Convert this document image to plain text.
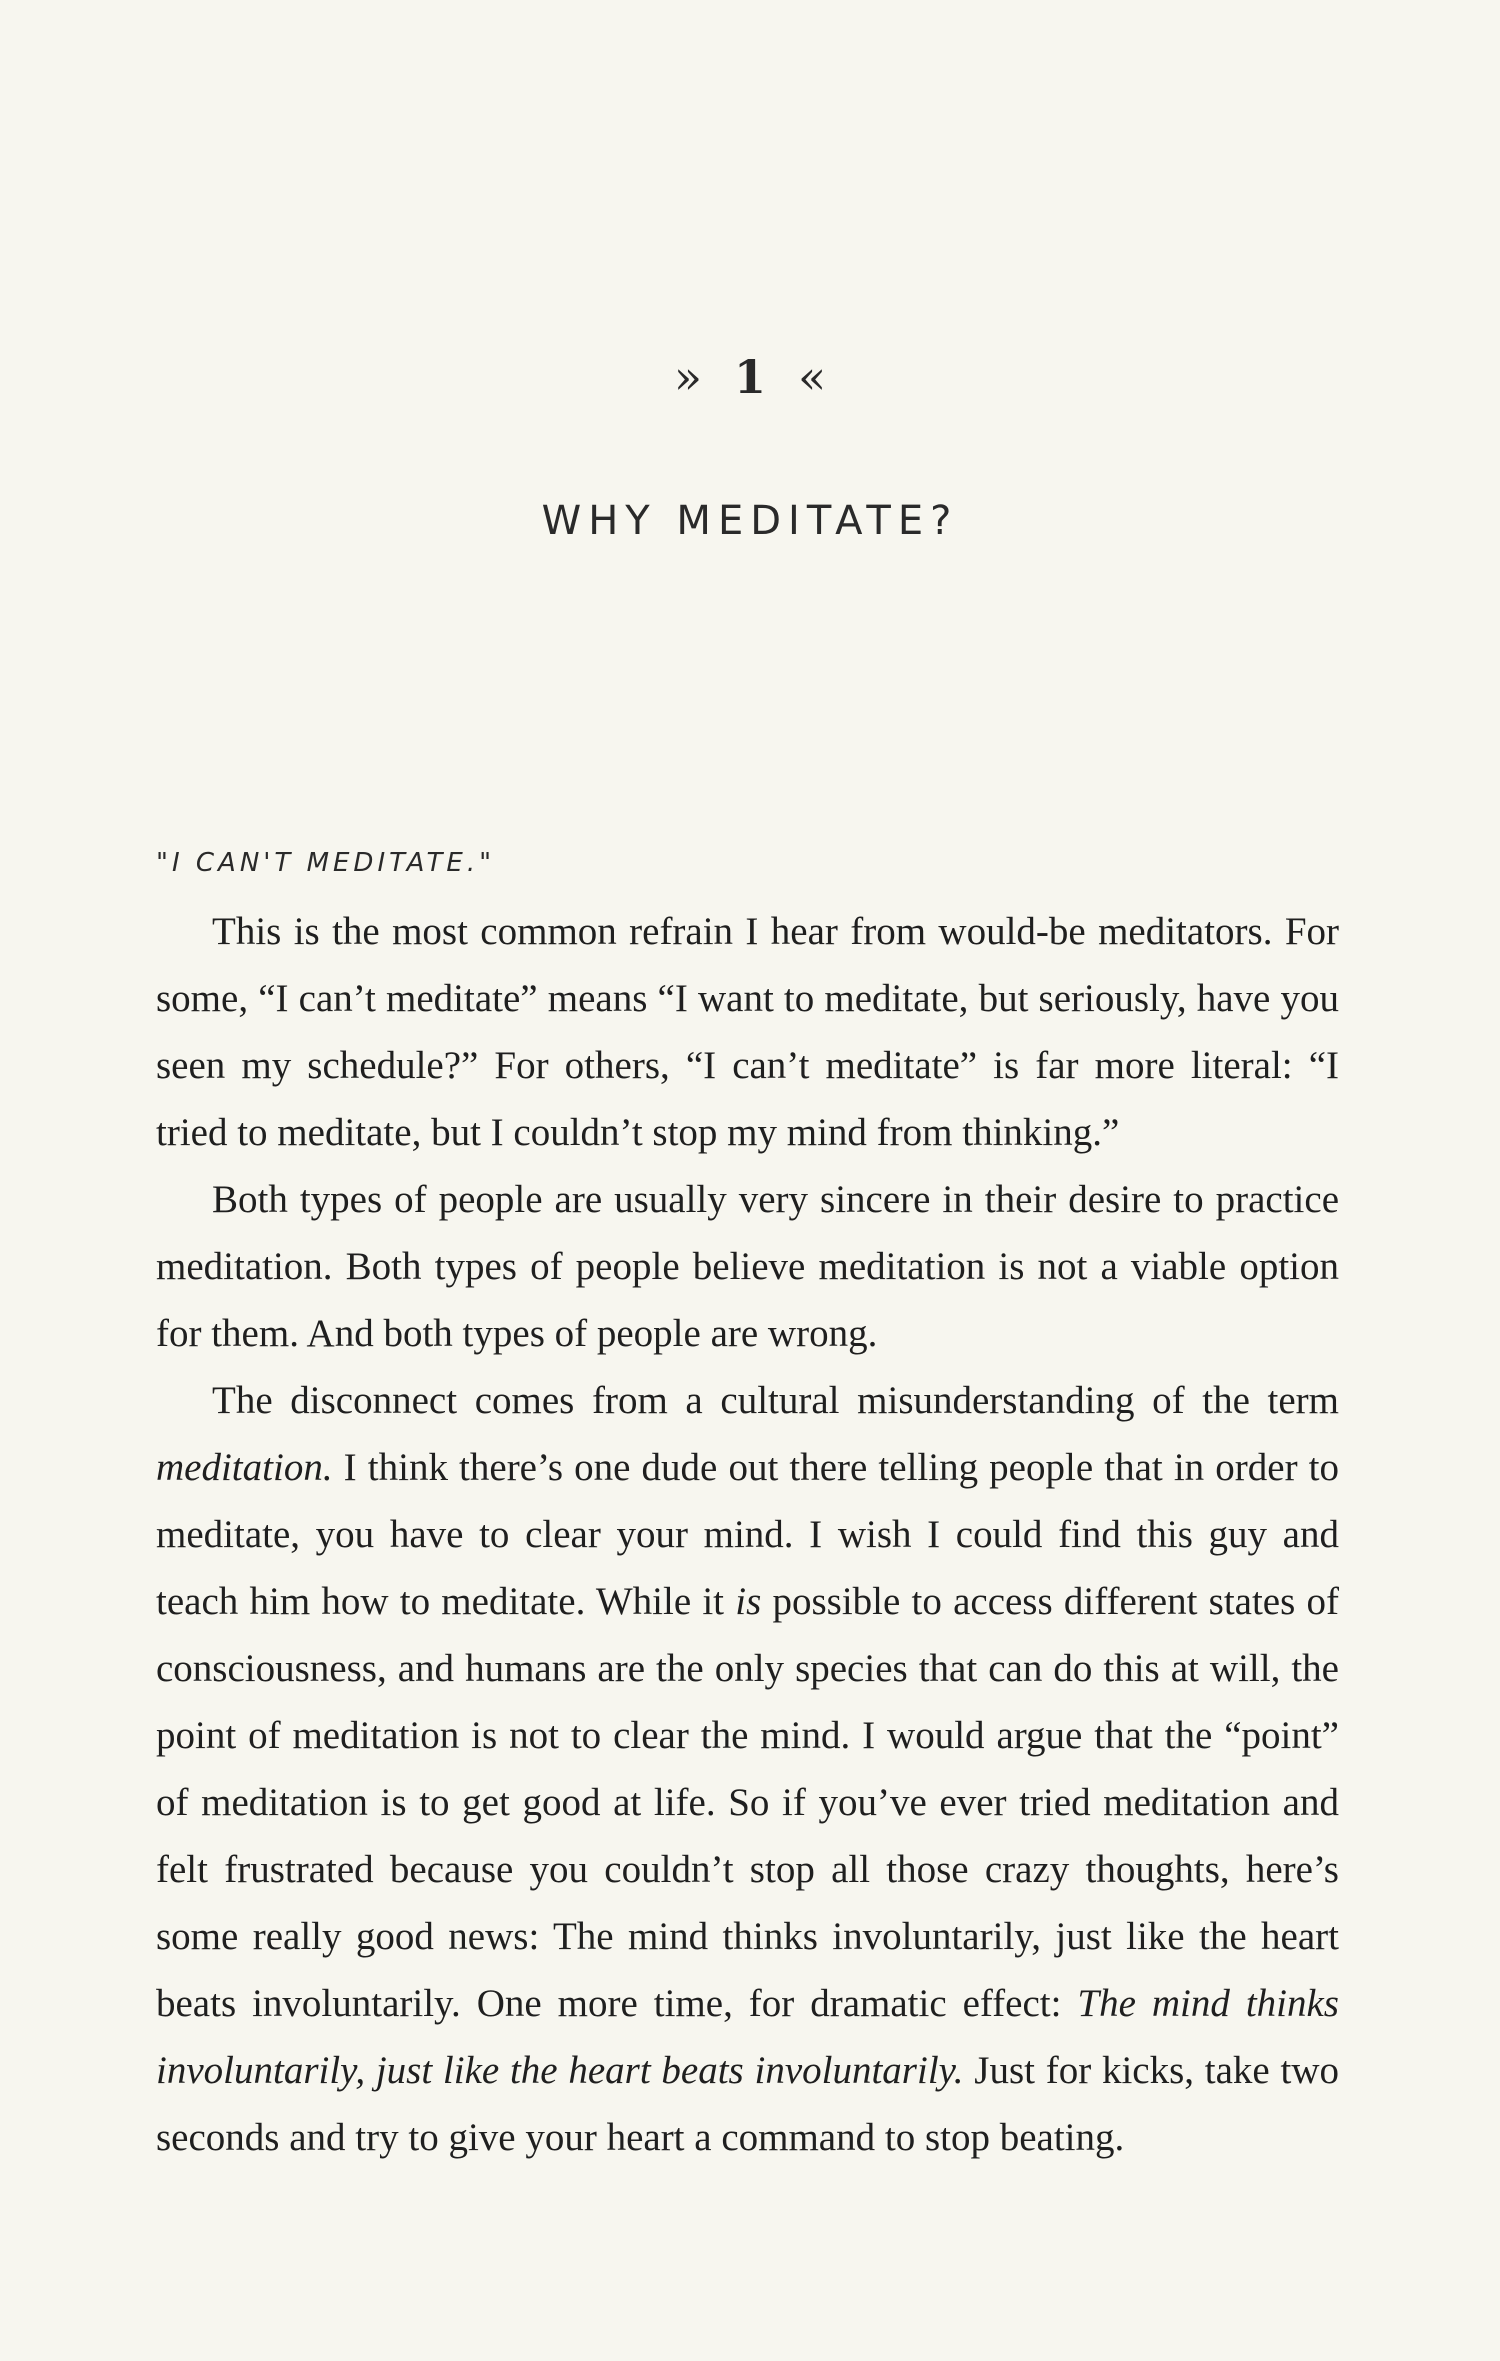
» 1 «
WHY MEDITATE?
"I CAN'T MEDITATE."

This is the most common refrain I hear from would-be meditators. For some, “I can’t meditate” means “I want to meditate, but seriously, have you seen my schedule?” For others, “I can’t meditate” is far more literal: “I tried to meditate, but I couldn’t stop my mind from thinking.”

Both types of people are usually very sincere in their desire to practice meditation. Both types of people believe meditation is not a viable option for them. And both types of people are wrong.

The disconnect comes from a cultural misunderstanding of the term meditation. I think there’s one dude out there telling people that in order to meditate, you have to clear your mind. I wish I could find this guy and teach him how to meditate. While it is possible to access different states of consciousness, and humans are the only species that can do this at will, the point of meditation is not to clear the mind. I would argue that the “point” of meditation is to get good at life. So if you’ve ever tried meditation and felt frustrated because you couldn’t stop all those crazy thoughts, here’s some really good news: The mind thinks involuntarily, just like the heart beats involuntarily. One more time, for dramatic effect: The mind thinks involuntarily, just like the heart beats involuntarily. Just for kicks, take two seconds and try to give your heart a command to stop beating.
